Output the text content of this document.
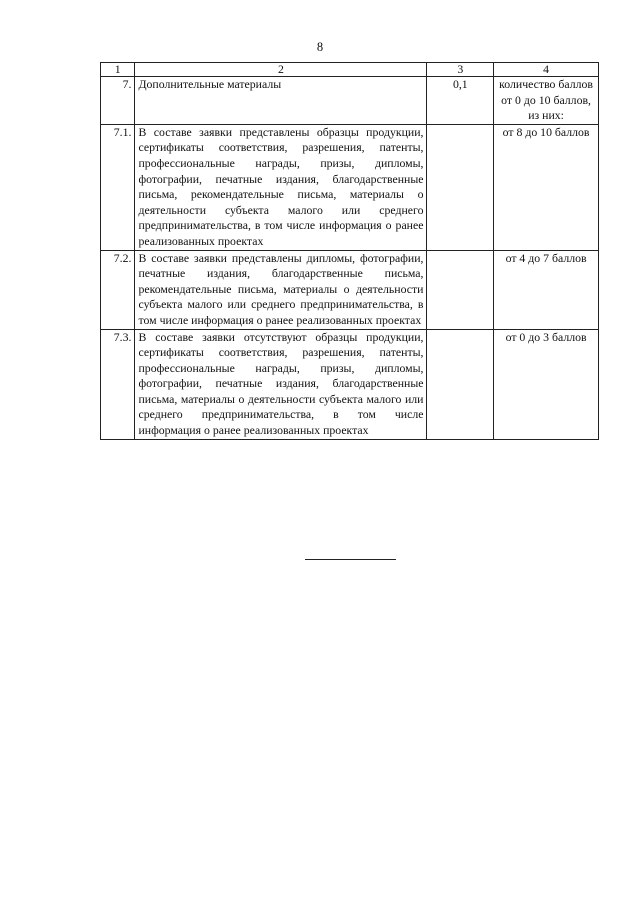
8
1	2	3	4
7.	Дополнительные материалы	0,1	количество баллов от 0 до 10 баллов, из них:
7.1.	В составе заявки представлены образцы продукции, сертификаты соответствия, разрешения, патенты, профессиональные награды, призы, дипломы, фотографии, печатные издания, благодарственные письма, рекомендательные письма, материалы о деятельности субъекта малого или среднего предпринимательства, в том числе информация о ранее реализованных проектах		от 8 до 10 баллов
7.2.	В составе заявки представлены дипломы, фотографии, печатные издания, благодарственные письма, рекомендательные письма, материалы о деятельности субъекта малого или среднего предпринимательства, в том числе информация о ранее реализованных проектах		от 4 до 7 баллов
7.3.	В составе заявки отсутствуют образцы продукции, сертификаты соответствия, разрешения, патенты, профессиональные награды, призы, дипломы, фотографии, печатные издания, благодарственные письма, материалы о деятельности субъекта малого или среднего предпринимательства, в том числе информация о ранее реализованных проектах		от 0 до 3 баллов
